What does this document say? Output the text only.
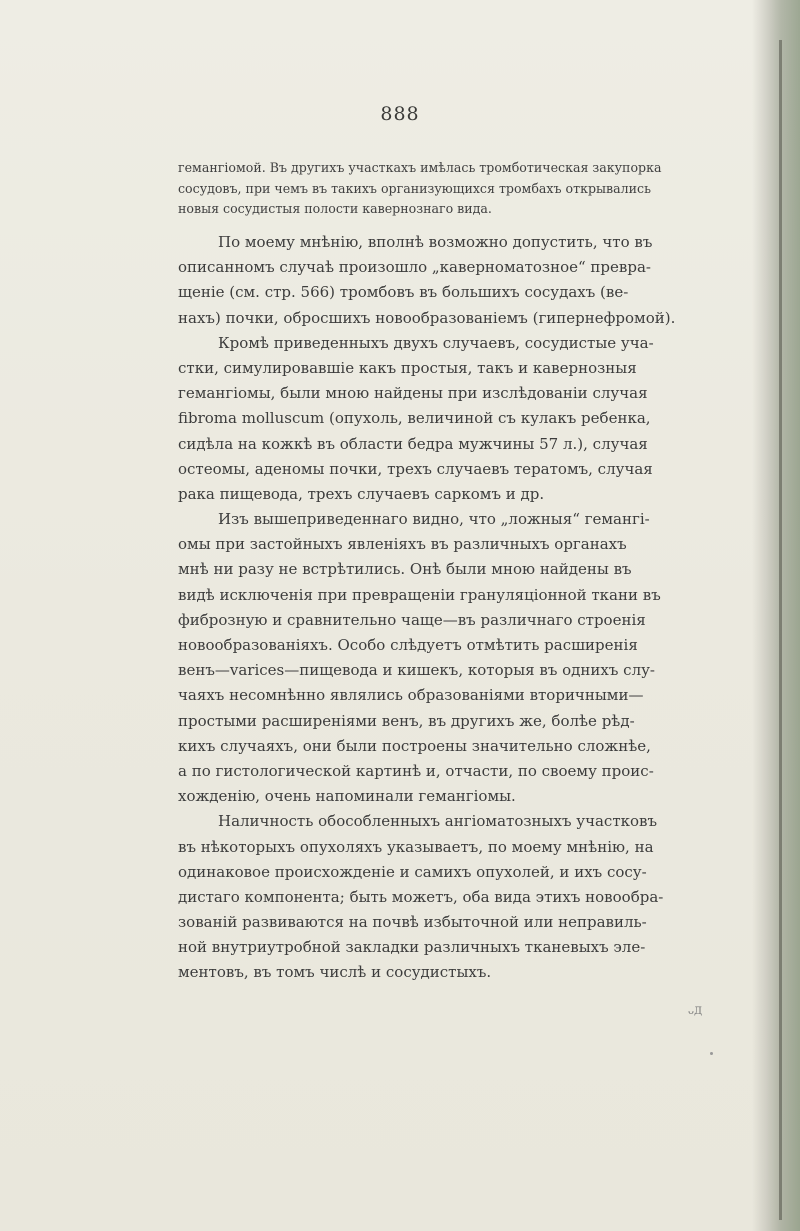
888
гемангiомой. Въ другихъ участкахъ имѣлась тромботическая закупорка
сосудовъ, при чемъ въ такихъ организующихся тромбахъ открывались
новыя сосудистыя полости кавернознаго вида.
По моему мнѣнiю, вполнѣ возможно допустить, что въ
описанномъ случаѣ произошло „каверноматозное“ превра-
щенiе (см. стр. 566) тромбовъ въ большихъ сосудахъ (ве-
нахъ) почки, обросшихъ новообразованiемъ (гипернефромой).
Кромѣ приведенныхъ двухъ случаевъ, сосудистые уча-
стки, симулировавшiе какъ простыя, такъ и кавернозныя
гемангiомы, были мною найдены при изслѣдованiи случая
fibroma molluscum (опухоль, величиной съ кулакъ ребенка,
сидѣла на кожкѣ въ области бедра мужчины 57 л.), случая
остеомы, аденомы почки, трехъ случаевъ тератомъ, случая
рака пищевода, трехъ случаевъ саркомъ и др.
Изъ вышеприведеннаго видно, что „ложныя“ гемангi-
омы при застойныхъ явленiяхъ въ различныхъ органахъ
мнѣ ни разу не встрѣтились. Онѣ были мною найдены въ
видѣ исключенiя при превращенiи грануляцiонной ткани въ
фиброзную и сравнительно чаще—въ различнаго строенiя
новообразованiяхъ. Особо слѣдуетъ отмѣтить расширенiя
венъ—varices—пищевода и кишекъ, которыя въ однихъ слу-
чаяхъ несомнѣнно являлись образованiями вторичными—
простыми расширенiями венъ, въ другихъ же, болѣе рѣд-
кихъ случаяхъ, они были построены значительно сложнѣе,
а по гистологической картинѣ и, отчасти, по своему проис-
хожденiю, очень напоминали гемангiомы.
Наличность обособленныхъ ангiоматозныхъ участковъ
въ нѣкоторыхъ опухоляхъ указываетъ, по моему мнѣнiю, на
одинаковое происхожденiе и самихъ опухолей, и ихъ сосу-
дистаго компонента; быть можетъ, оба вида этихъ новообра-
зованiй развиваются на почвѣ избыточной или неправиль-
ной внутриутробной закладки различныхъ тканевыхъ эле-
ментовъ, въ томъ числѣ и сосудистыхъ.
ᴗД
